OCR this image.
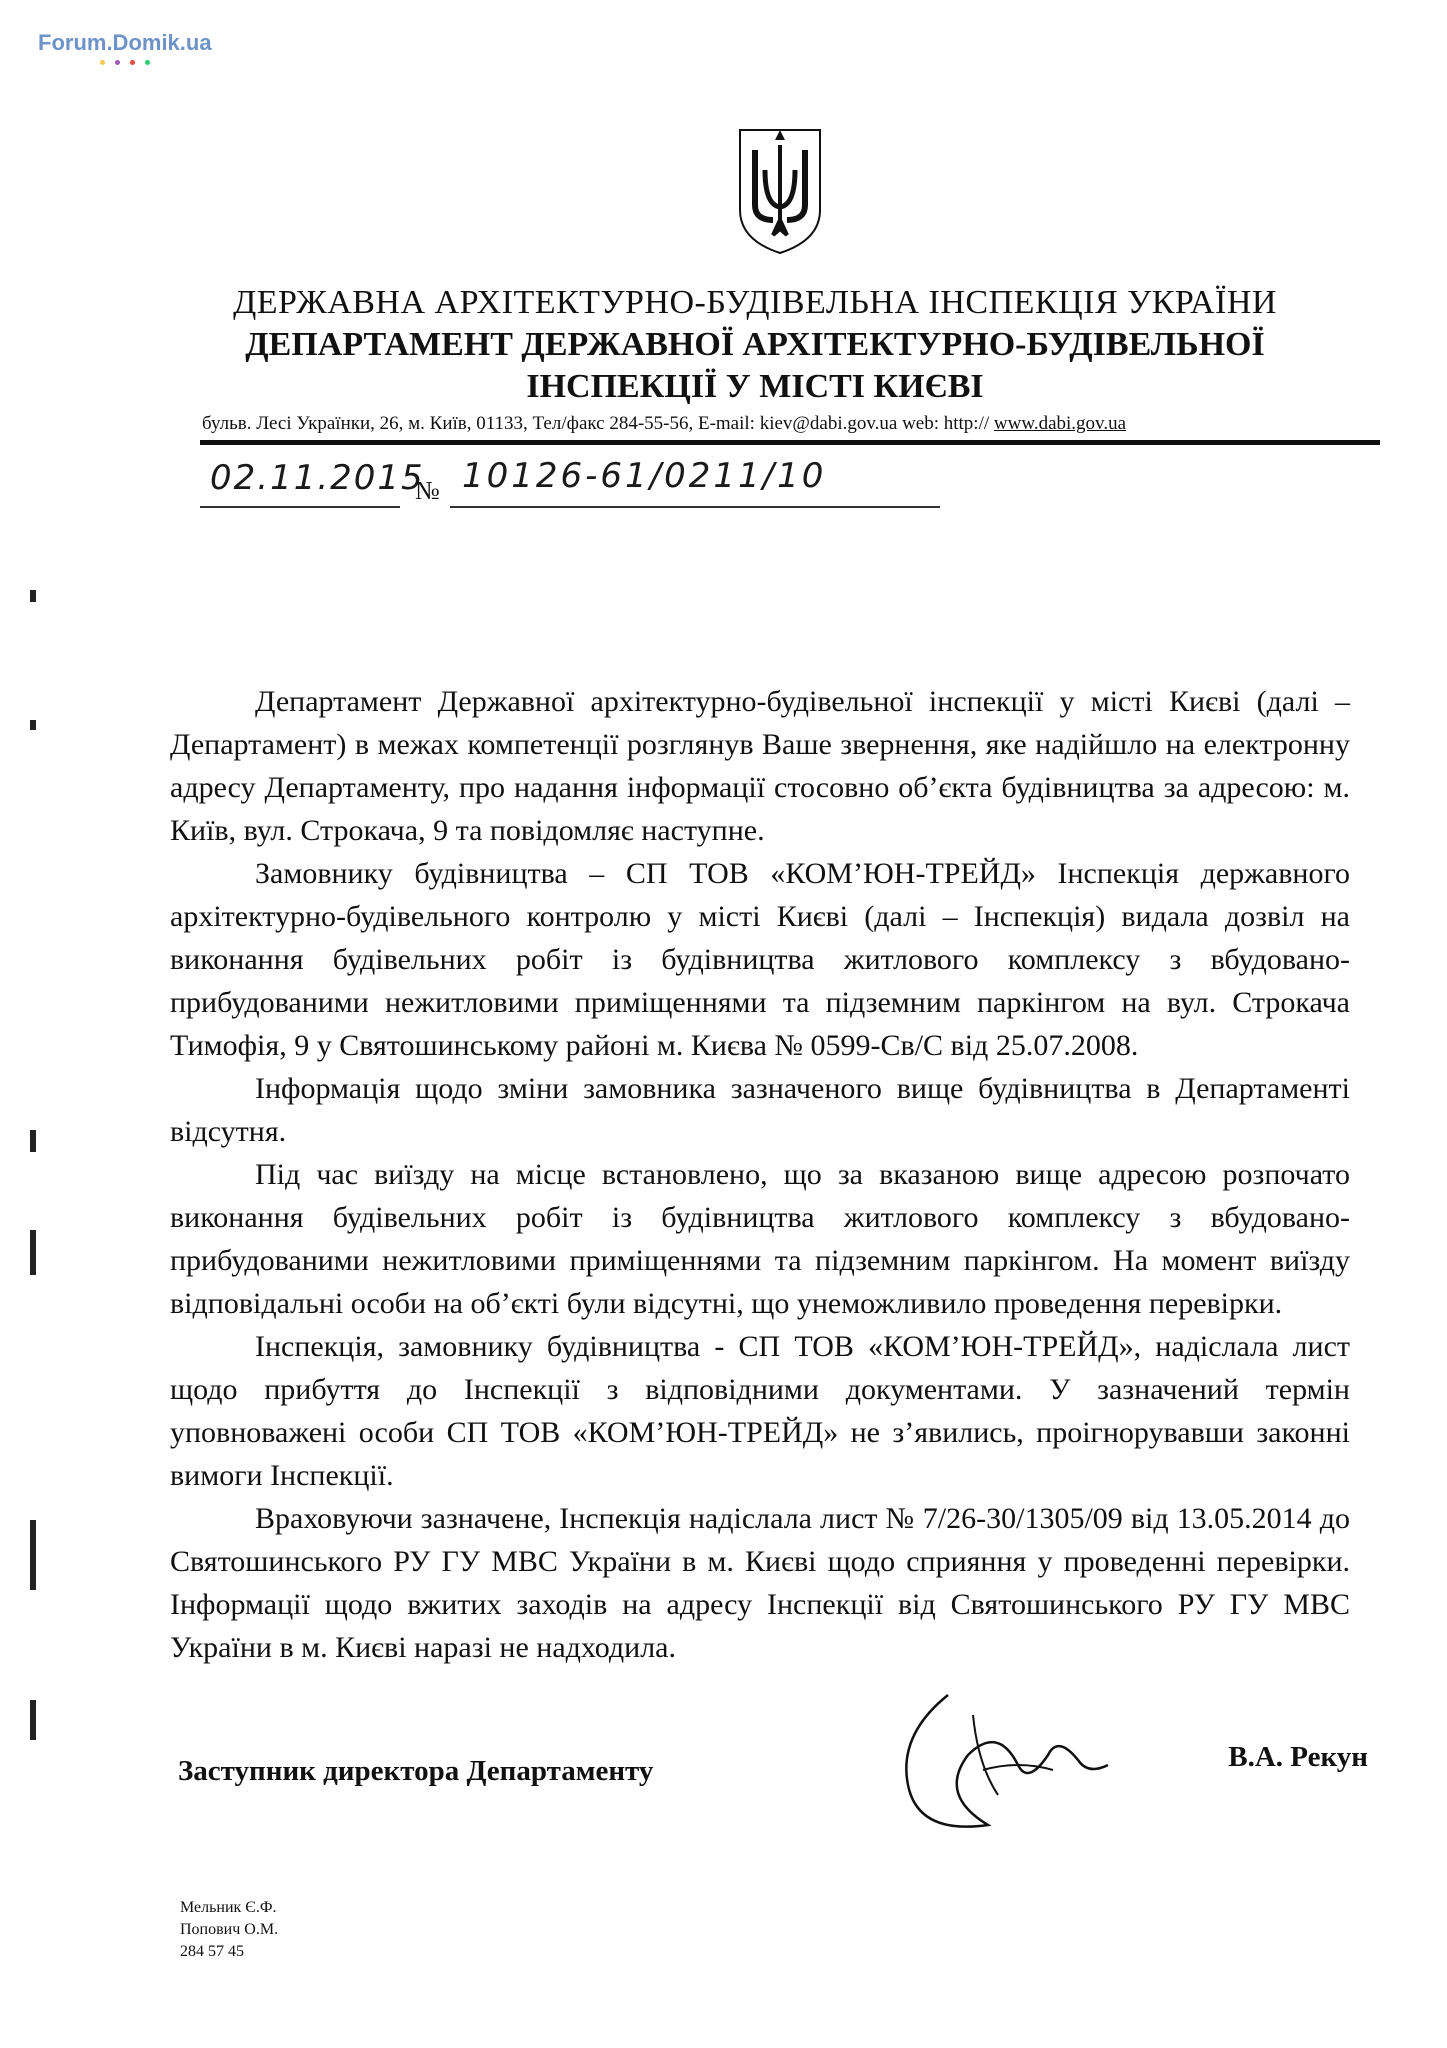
Forum.Domik.ua
ДЕРЖАВНА АРХІТЕКТУРНО-БУДІВЕЛЬНА ІНСПЕКЦІЯ УКРАЇНИ
ДЕПАРТАМЕНТ ДЕРЖАВНОЇ АРХІТЕКТУРНО-БУДІВЕЛЬНОЇ
ІНСПЕКЦІЇ У МІСТІ КИЄВІ
бульв. Лесі Українки, 26, м. Київ, 01133, Тел/факс 284-55-56, E-mail: kiev@dabi.gov.ua web: http:// www.dabi.gov.ua
02.11.2015
№ 10126-61/0211/10

Департамент Державної архітектурно-будівельної інспекції у місті Києві (далі – Департамент) в межах компетенції розглянув Ваше звернення, яке надійшло на електронну адресу Департаменту, про надання інформації стосовно об’єкта будівництва за адресою: м. Київ, вул. Строкача, 9 та повідомляє наступне.

Замовнику будівництва – СП ТОВ «КОМ’ЮН-ТРЕЙД» Інспекція державного архітектурно-будівельного контролю у місті Києві (далі – Інспекція) видала дозвіл на виконання будівельних робіт із будівництва житлового комплексу з вбудовано-прибудованими нежитловими приміщеннями та підземним паркінгом на вул. Строкача Тимофія, 9 у Святошинському районі м. Києва № 0599-Св/С від 25.07.2008.

Інформація щодо зміни замовника зазначеного вище будівництва в Департаменті відсутня.

Під час виїзду на місце встановлено, що за вказаною вище адресою розпочато виконання будівельних робіт із будівництва житлового комплексу з вбудовано-прибудованими нежитловими приміщеннями та підземним паркінгом. На момент виїзду відповідальні особи на об’єкті були відсутні, що унеможливило проведення перевірки.

Інспекція, замовнику будівництва - СП ТОВ «КОМ’ЮН-ТРЕЙД», надіслала лист щодо прибуття до Інспекції з відповідними документами. У зазначений термін уповноважені особи СП ТОВ «КОМ’ЮН-ТРЕЙД» не з’явились, проігнорувавши законні вимоги Інспекції.

Враховуючи зазначене, Інспекція надіслала лист № 7/26-30/1305/09 від 13.05.2014 до Святошинського РУ ГУ МВС України в м. Києві щодо сприяння у проведенні перевірки. Інформації щодо вжитих заходів на адресу Інспекції від Святошинського РУ ГУ МВС України в м. Києві наразі не надходила.

Заступник директора Департаменту	В.А. Рекун
Мельник Є.Ф.
Попович О.М.
284 57 45
